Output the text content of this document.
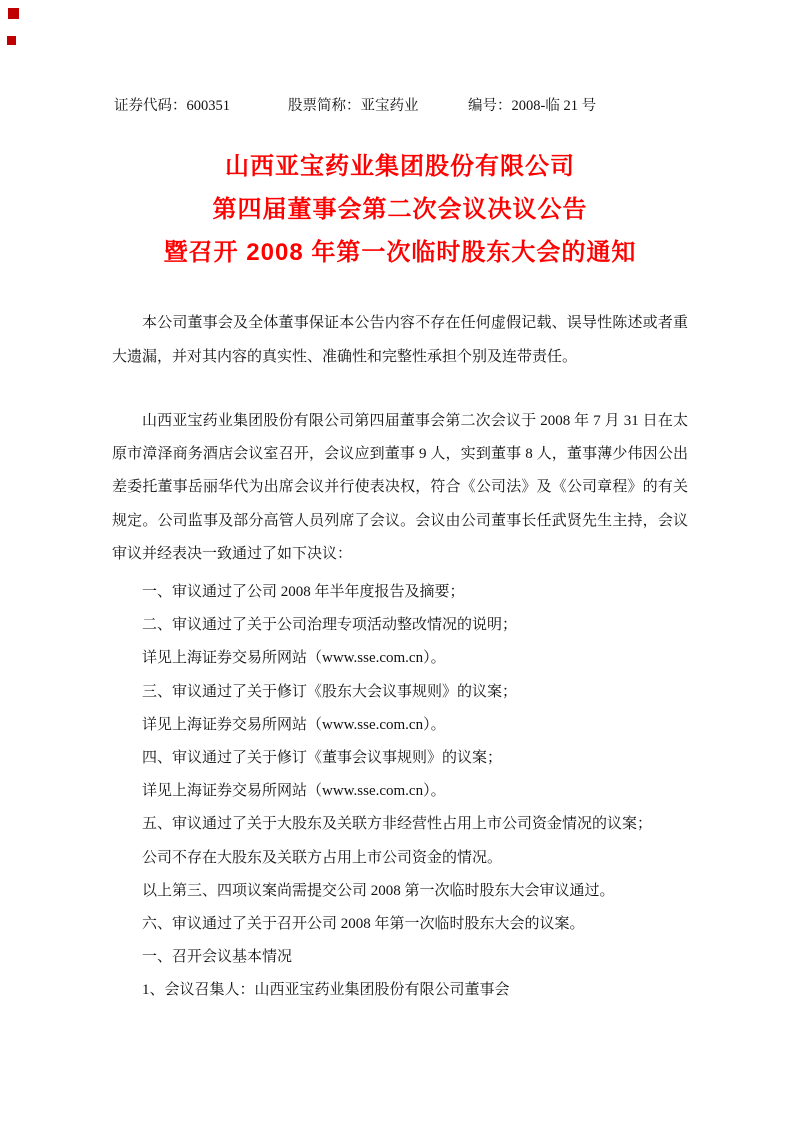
证券代码：600351	股票简称：亚宝药业	编号：2008-临 21 号
山西亚宝药业集团股份有限公司
第四届董事会第二次会议决议公告
暨召开 2008 年第一次临时股东大会的通知
本公司董事会及全体董事保证本公告内容不存在任何虚假记载、误导性陈述或者重大遗漏，并对其内容的真实性、准确性和完整性承担个别及连带责任。

山西亚宝药业集团股份有限公司第四届董事会第二次会议于 2008 年 7 月 31 日在太原市漳泽商务酒店会议室召开，会议应到董事 9 人，实到董事 8 人，董事薄少伟因公出差委托董事岳丽华代为出席会议并行使表决权，符合《公司法》及《公司章程》的有关规定。公司监事及部分高管人员列席了会议。会议由公司董事长任武贤先生主持，会议审议并经表决一致通过了如下决议：

一、审议通过了公司 2008 年半年度报告及摘要；

二、审议通过了关于公司治理专项活动整改情况的说明；

详见上海证券交易所网站（www.sse.com.cn）。

三、审议通过了关于修订《股东大会议事规则》的议案；

详见上海证券交易所网站（www.sse.com.cn）。

四、审议通过了关于修订《董事会议事规则》的议案；

详见上海证券交易所网站（www.sse.com.cn）。

五、审议通过了关于大股东及关联方非经营性占用上市公司资金情况的议案；

公司不存在大股东及关联方占用上市公司资金的情况。

以上第三、四项议案尚需提交公司 2008 第一次临时股东大会审议通过。

六、审议通过了关于召开公司 2008 年第一次临时股东大会的议案。

一、召开会议基本情况

1、会议召集人：山西亚宝药业集团股份有限公司董事会
